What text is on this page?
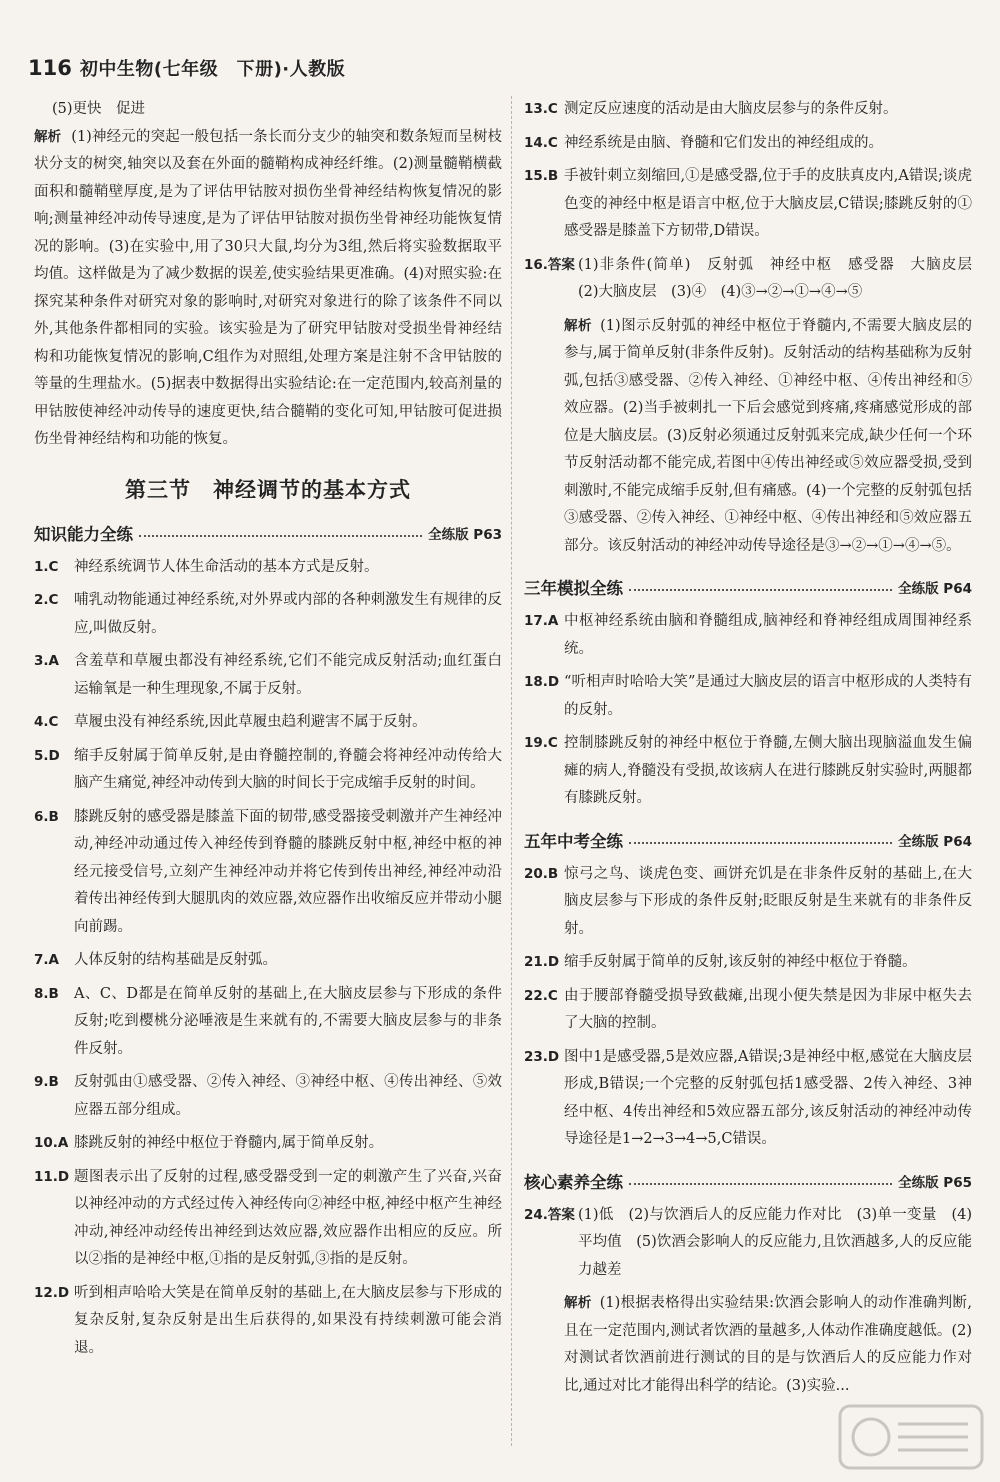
116 初中生物(七年级　下册)·人教版

(5)更快　促进

解析 (1)神经元的突起一般包括一条长而分支少的轴突和数条短而呈树枝状分支的树突,轴突以及套在外面的髓鞘构成神经纤维。(2)测量髓鞘横截面积和髓鞘壁厚度,是为了评估甲钴胺对损伤坐骨神经结构恢复情况的影响;测量神经冲动传导速度,是为了评估甲钴胺对损伤坐骨神经功能恢复情况的影响。(3)在实验中,用了30只大鼠,均分为3组,然后将实验数据取平均值。这样做是为了减少数据的误差,使实验结果更准确。(4)对照实验:在探究某种条件对研究对象的影响时,对研究对象进行的除了该条件不同以外,其他条件都相同的实验。该实验是为了研究甲钴胺对受损坐骨神经结构和功能恢复情况的影响,C组作为对照组,处理方案是注射不含甲钴胺的等量的生理盐水。(5)据表中数据得出实验结论:在一定范围内,较高剂量的甲钴胺使神经冲动传导的速度更快,结合髓鞘的变化可知,甲钴胺可促进损伤坐骨神经结构和功能的恢复。

第三节　神经调节的基本方式
知识能力全练	全练版 P63
1.C	神经系统调节人体生命活动的基本方式是反射。
2.C	哺乳动物能通过神经系统,对外界或内部的各种刺激发生有规律的反应,叫做反射。
3.A	含羞草和草履虫都没有神经系统,它们不能完成反射活动;血红蛋白运输氧是一种生理现象,不属于反射。
4.C	草履虫没有神经系统,因此草履虫趋利避害不属于反射。
5.D 缩手反射属于简单反射,是由脊髓控制的,脊髓会将神经冲动传给大脑产生痛觉,神经冲动传到大脑的时间长于完成缩手反射的时间。
6.B	膝跳反射的感受器是膝盖下面的韧带,感受器接受刺激并产生神经冲动,神经冲动通过传入神经传到脊髓的膝跳反射中枢,神经中枢的神经元接受信号,立刻产生神经冲动并将它传到传出神经,神经冲动沿着传出神经传到大腿肌肉的效应器,效应器作出收缩反应并带动小腿向前踢。
7.A	人体反射的结构基础是反射弧。
8.B	A、C、D都是在简单反射的基础上,在大脑皮层参与下形成的条件反射;吃到樱桃分泌唾液是生来就有的,不需要大脑皮层参与的非条件反射。
9.B	反射弧由①感受器、②传入神经、③神经中枢、④传出神经、⑤效应器五部分组成。
10.A 膝跳反射的神经中枢位于脊髓内,属于简单反射。
11.D 题图表示出了反射的过程,感受器受到一定的刺激产生了兴奋,兴奋以神经冲动的方式经过传入神经传向②神经中枢,神经中枢产生神经冲动,神经冲动经传出神经到达效应器,效应器作出相应的反应。所以②指的是神经中枢,①指的是反射弧,③指的是反射。
12.D 听到相声哈哈大笑是在简单反射的基础上,在大脑皮层参与下形成的复杂反射,复杂反射是出生后获得的,如果没有持续刺激可能会消退。
13.C 测定反应速度的活动是由大脑皮层参与的条件反射。
14.C 神经系统是由脑、脊髓和它们发出的神经组成的。
15.B 手被针刺立刻缩回,①是感受器,位于手的皮肤真皮内,A错误;谈虎色变的神经中枢是语言中枢,位于大脑皮层,C错误;膝跳反射的①感受器是膝盖下方韧带,D错误。
16.答案 (1)非条件(简单)　反射弧　神经中枢　感受器　大脑皮层　(2)大脑皮层　(3)④　(4)③→②→①→④→⑤
解析 (1)图示反射弧的神经中枢位于脊髓内,不需要大脑皮层的参与,属于简单反射(非条件反射)。反射活动的结构基础称为反射弧,包括③感受器、②传入神经、①神经中枢、④传出神经和⑤效应器。(2)当手被刺扎一下后会感觉到疼痛,疼痛感觉形成的部位是大脑皮层。(3)反射必须通过反射弧来完成,缺少任何一个环节反射活动都不能完成,若图中④传出神经或⑤效应器受损,受到刺激时,不能完成缩手反射,但有痛感。(4)一个完整的反射弧包括③感受器、②传入神经、①神经中枢、④传出神经和⑤效应器五部分。该反射活动的神经冲动传导途径是③→②→①→④→⑤。
三年模拟全练	全练版 P64
17.A 中枢神经系统由脑和脊髓组成,脑神经和脊神经组成周围神经系统。
18.D “听相声时哈哈大笑”是通过大脑皮层的语言中枢形成的人类特有的反射。
19.C 控制膝跳反射的神经中枢位于脊髓,左侧大脑出现脑溢血发生偏瘫的病人,脊髓没有受损,故该病人在进行膝跳反射实验时,两腿都有膝跳反射。
五年中考全练	全练版 P64
20.B 惊弓之鸟、谈虎色变、画饼充饥是在非条件反射的基础上,在大脑皮层参与下形成的条件反射;眨眼反射是生来就有的非条件反射。
21.D 缩手反射属于简单的反射,该反射的神经中枢位于脊髓。
22.C 由于腰部脊髓受损导致截瘫,出现小便失禁是因为非尿中枢失去了大脑的控制。
23.D 图中1是感受器,5是效应器,A错误;3是神经中枢,感觉在大脑皮层形成,B错误;一个完整的反射弧包括1感受器、2传入神经、3神经中枢、4传出神经和5效应器五部分,该反射活动的神经冲动传导途径是1→2→3→4→5,C错误。
核心素养全练	全练版 P65
24.答案 (1)低　(2)与饮酒后人的反应能力作对比　(3)单一变量　(4)平均值　(5)饮酒会影响人的反应能力,且饮酒越多,人的反应能力越差
解析 (1)根据表格得出实验结果:饮酒会影响人的动作准确判断,且在一定范围内,测试者饮酒的量越多,人体动作准确度越低。(2)对测试者饮酒前进行测试的目的是与饮酒后人的反应能力作对比,通过对比才能得出科学的结论。(3)实验...
